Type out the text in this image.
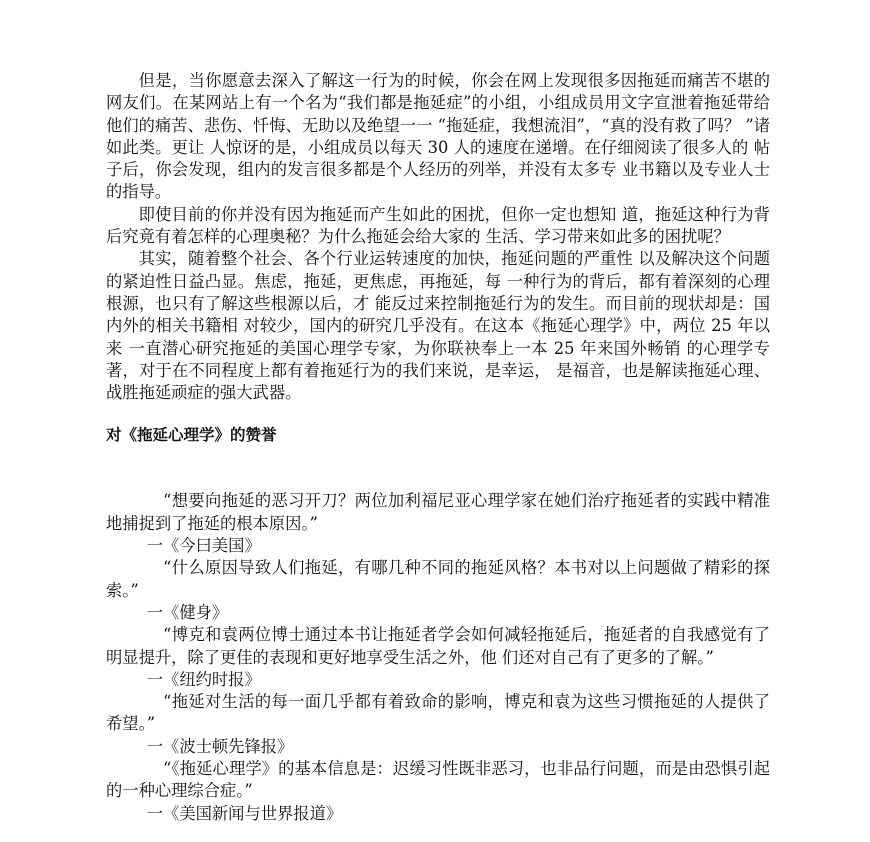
但是，当你愿意去深入了解这一行为的时候，你会在网上发现很多因拖延而痛苦不堪的网友们。在某网站上有一个名为“我们都是拖延症”的小组，小组成员用文字宣泄着拖延带给他们的痛苦、悲伤、忏悔、无助以及绝望一一 “拖延症，我想流泪”，“真的没有救了吗？ ”诸如此类。更让 人惊讶的是，小组成员以每天 30 人的速度在递增。在仔细阅读了很多人的 帖子后，你会发现，组内的发言很多都是个人经历的列举，并没有太多专 业书籍以及专业人士的指导。

即使目前的你并没有因为拖延而产生如此的困扰，但你一定也想知 道，拖延这种行为背后究竟有着怎样的心理奥秘？为什么拖延会给大家的 生活、学习带来如此多的困扰呢？

其实，随着整个社会、各个行业运转速度的加快，拖延问题的严重性 以及解决这个问题的紧迫性日益凸显。焦虑，拖延，更焦虑，再拖延，每 一种行为的背后，都有着深刻的心理根源，也只有了解这些根源以后，才 能反过来控制拖延行为的发生。而目前的现状却是：国内外的相关书籍相 对较少，国内的研究几乎没有。在这本《拖延心理学》中，两位 25 年以来 一直潜心研究拖延的美国心理学专家，为你联袂奉上一本 25 年来国外畅销 的心理学专著，对于在不同程度上都有着拖延行为的我们来说，是幸运， 是福音，也是解读拖延心理、战胜拖延顽症的强大武器。

对《拖延心理学》的赞誉

“想要向拖延的恶习开刀？两位加利福尼亚心理学家在她们治疗拖延者的实践中精准地捕捉到了拖延的根本原因。”

一《今曰美国》

“什么原因导致人们拖延，有哪几种不同的拖延风格？本书对以上问题做了精彩的探索。”

一《健身》

“博克和袁两位博士通过本书让拖延者学会如何减轻拖延后，拖延者的自我感觉有了明显提升，除了更佳的表现和更好地享受生活之外，他 们还对自己有了更多的了解。”

一《纽约时报》

“拖延对生活的每一面几乎都有着致命的影响，博克和袁为这些习惯拖延的人提供了希望。”

一《波士顿先锋报》

“《拖延心理学》的基本信息是：迟缓习性既非恶习，也非品行问题，而是由恐惧引起的一种心理综合症。”

一《美国新闻与世界报道》
